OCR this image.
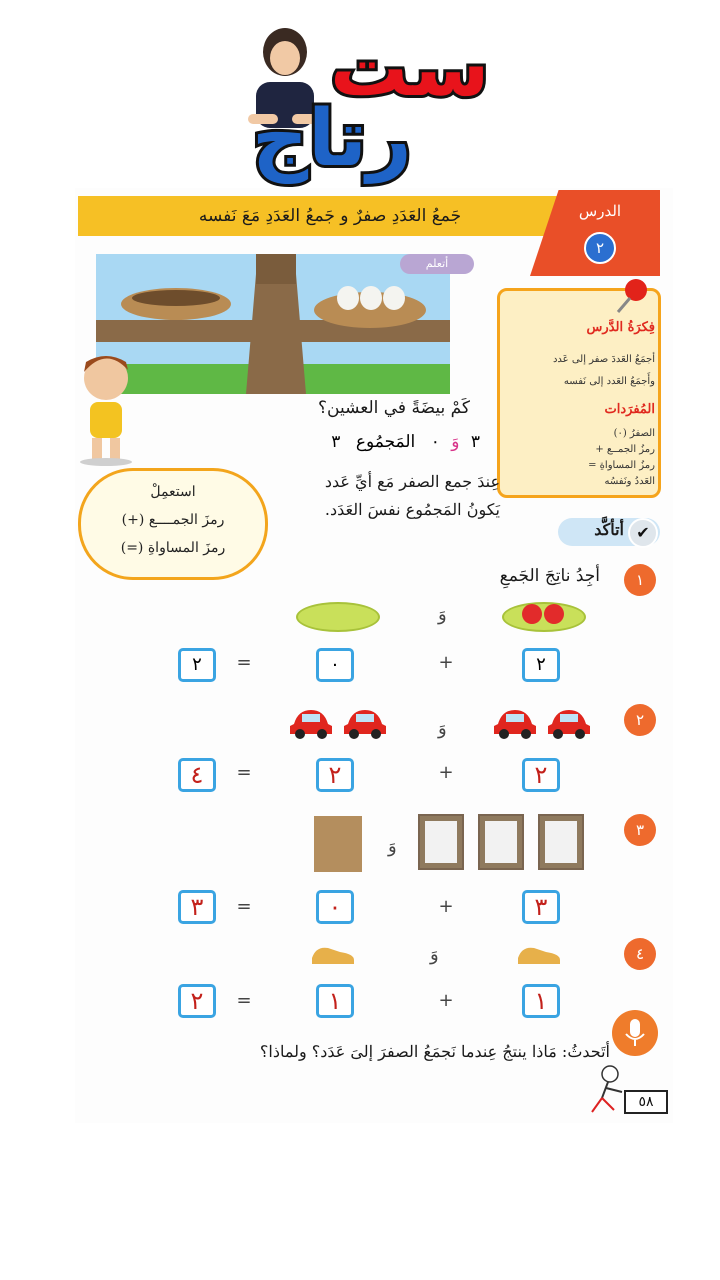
ست
رتاج
جَمعُ العَدَدِ صفرٌ و جَمعُ العَدَدِ مَعَ نَفسه	الدرس
٢
أتعلم
فِكرَةُ الدَّرس
أجمَعُ العَددَ صفر إلى عَدد
وأَجمَعُ العَدد إلى نَفسه
المُفرَدات
الصفرُ (٠)
رمزُ الجمــع +
رمزُ المساواةِ =
العَددُ ونَفسُه
كَمْ بيضَةً في العشين؟
٣ وَ ٠ المَجمُوع ٣
عِندَ جمع الصفر مَع أيِّ عَدد
يَكونُ المَجمُوع نفسَ العَدَد.
استعمِلْ
رمزَ الجمــــع (+)
رمزَ المساواةِ (=)
أتأكَّد ✔
أجِدُ ناتِجَ الجَمعِ	١
وَ
٢
+
٠
=
٢
٢
وَ
٢
+
٢
=
٤
٣
وَ
٣
+
٠
=
٣
٤
وَ
١
+
١
=
٢
أتَحدثُ: مَاذا ينتجُ عِندما نَجمَعُ الصفرَ إلىَ عَدَد؟ ولماذا؟
٥٨
